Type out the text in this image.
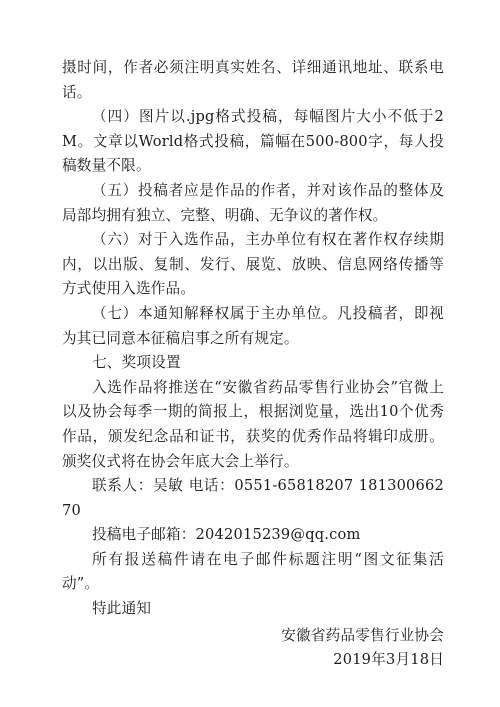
摄时间，作者必须注明真实姓名、详细通讯地址、联系电话。

（四）图片以.jpg格式投稿，每幅图片大小不低于2M。文章以World格式投稿，篇幅在500-800字，每人投稿数量不限。

（五）投稿者应是作品的作者，并对该作品的整体及局部均拥有独立、完整、明确、无争议的著作权。

（六）对于入选作品，主办单位有权在著作权存续期内，以出版、复制、发行、展览、放映、信息网络传播等方式使用入选作品。

（七）本通知解释权属于主办单位。凡投稿者，即视为其已同意本征稿启事之所有规定。

七、奖项设置

入选作品将推送在“安徽省药品零售行业协会”官微上以及协会每季一期的简报上，根据浏览量，选出10个优秀作品，颁发纪念品和证书，获奖的优秀作品将辑印成册。颁奖仪式将在协会年底大会上举行。

联系人：吴敏 电话：0551-65818207 18130066270

投稿电子邮箱：2042015239@qq.com

所有报送稿件请在电子邮件标题注明“图文征集活动”。

特此通知

安徽省药品零售行业协会

2019年3月18日
